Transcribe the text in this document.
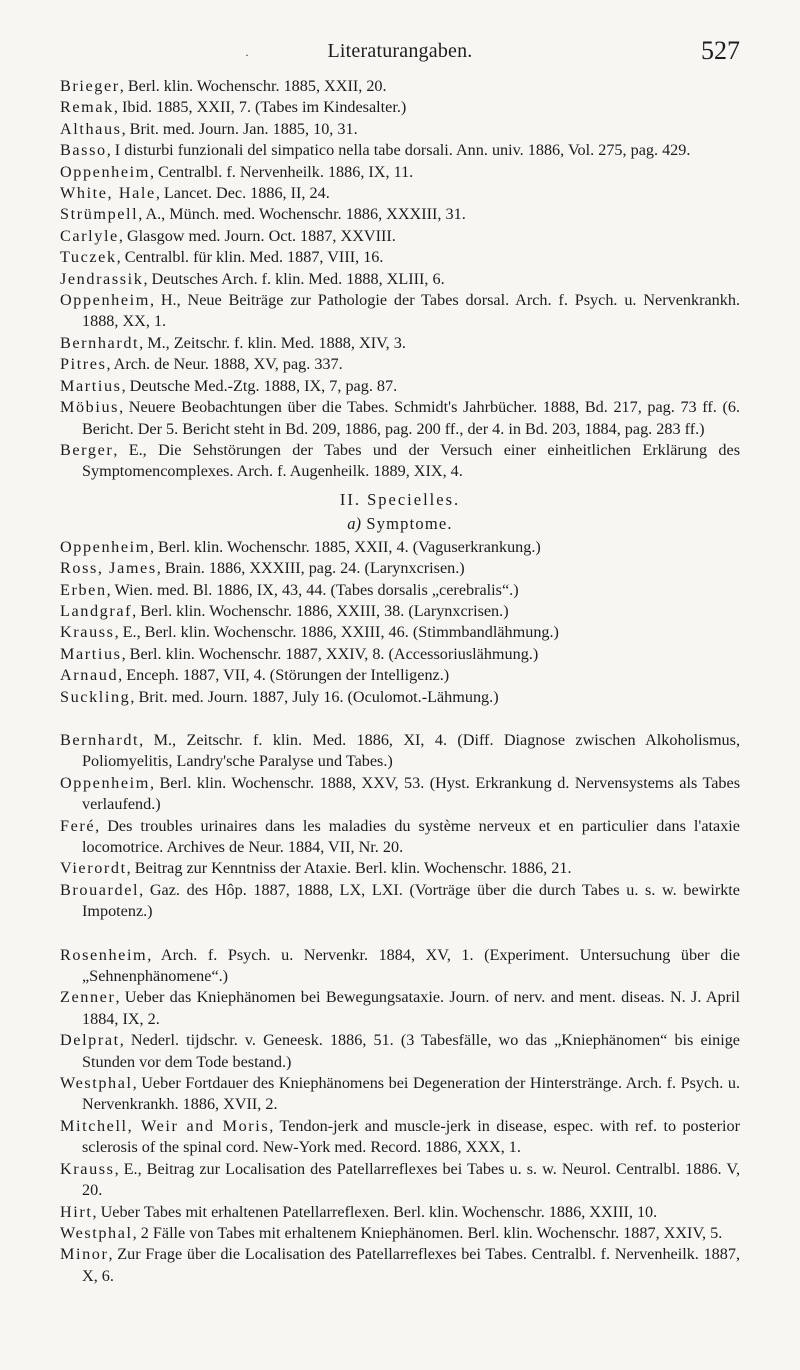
·	Literaturangaben.	527
Brieger, Berl. klin. Wochenschr. 1885, XXII, 20.
Remak, Ibid. 1885, XXII, 7. (Tabes im Kindesalter.)
Althaus, Brit. med. Journ. Jan. 1885, 10, 31.
Basso, I disturbi funzionali del simpatico nella tabe dorsali. Ann. univ. 1886, Vol. 275, pag. 429.
Oppenheim, Centralbl. f. Nervenheilk. 1886, IX, 11.
White, Hale, Lancet. Dec. 1886, II, 24.
Strümpell, A., Münch. med. Wochenschr. 1886, XXXIII, 31.
Carlyle, Glasgow med. Journ. Oct. 1887, XXVIII.
Tuczek, Centralbl. für klin. Med. 1887, VIII, 16.
Jendrassik, Deutsches Arch. f. klin. Med. 1888, XLIII, 6.
Oppenheim, H., Neue Beiträge zur Pathologie der Tabes dorsal. Arch. f. Psych. u. Nervenkrankh. 1888, XX, 1.
Bernhardt, M., Zeitschr. f. klin. Med. 1888, XIV, 3.
Pitres, Arch. de Neur. 1888, XV, pag. 337.
Martius, Deutsche Med.-Ztg. 1888, IX, 7, pag. 87.
Möbius, Neuere Beobachtungen über die Tabes. Schmidt's Jahrbücher. 1888, Bd. 217, pag. 73 ff. (6. Bericht. Der 5. Bericht steht in Bd. 209, 1886, pag. 200 ff., der 4. in Bd. 203, 1884, pag. 283 ff.)
Berger, E., Die Sehstörungen der Tabes und der Versuch einer einheitlichen Erklärung des Symptomencomplexes. Arch. f. Augenheilk. 1889, XIX, 4.
II. Specielles.
a) Symptome.
Oppenheim, Berl. klin. Wochenschr. 1885, XXII, 4. (Vaguserkrankung.)
Ross, James, Brain. 1886, XXXIII, pag. 24. (Larynxcrisen.)
Erben, Wien. med. Bl. 1886, IX, 43, 44. (Tabes dorsalis „cerebralis“.)
Landgraf, Berl. klin. Wochenschr. 1886, XXIII, 38. (Larynxcrisen.)
Krauss, E., Berl. klin. Wochenschr. 1886, XXIII, 46. (Stimmbandlähmung.)
Martius, Berl. klin. Wochenschr. 1887, XXIV, 8. (Accessoriuslähmung.)
Arnaud, Enceph. 1887, VII, 4. (Störungen der Intelligenz.)
Suckling, Brit. med. Journ. 1887, July 16. (Oculomot.-Lähmung.)
Bernhardt, M., Zeitschr. f. klin. Med. 1886, XI, 4. (Diff. Diagnose zwischen Alkoholismus, Poliomyelitis, Landry'sche Paralyse und Tabes.)
Oppenheim, Berl. klin. Wochenschr. 1888, XXV, 53. (Hyst. Erkrankung d. Nervensystems als Tabes verlaufend.)
Feré, Des troubles urinaires dans les maladies du système nerveux et en particulier dans l'ataxie locomotrice. Archives de Neur. 1884, VII, Nr. 20.
Vierordt, Beitrag zur Kenntniss der Ataxie. Berl. klin. Wochenschr. 1886, 21.
Brouardel, Gaz. des Hôp. 1887, 1888, LX, LXI. (Vorträge über die durch Tabes u. s. w. bewirkte Impotenz.)
Rosenheim, Arch. f. Psych. u. Nervenkr. 1884, XV, 1. (Experiment. Untersuchung über die „Sehnenphänomene“.)
Zenner, Ueber das Kniephänomen bei Bewegungsataxie. Journ. of nerv. and ment. diseas. N. J. April 1884, IX, 2.
Delprat, Nederl. tijdschr. v. Geneesk. 1886, 51. (3 Tabesfälle, wo das „Kniephänomen“ bis einige Stunden vor dem Tode bestand.)
Westphal, Ueber Fortdauer des Kniephänomens bei Degeneration der Hinterstränge. Arch. f. Psych. u. Nervenkrankh. 1886, XVII, 2.
Mitchell, Weir and Moris, Tendon-jerk and muscle-jerk in disease, espec. with ref. to posterior sclerosis of the spinal cord. New-York med. Record. 1886, XXX, 1.
Krauss, E., Beitrag zur Localisation des Patellarreflexes bei Tabes u. s. w. Neurol. Centralbl. 1886. V, 20.
Hirt, Ueber Tabes mit erhaltenen Patellarreflexen. Berl. klin. Wochenschr. 1886, XXIII, 10.
Westphal, 2 Fälle von Tabes mit erhaltenem Kniephänomen. Berl. klin. Wochenschr. 1887, XXIV, 5.
Minor, Zur Frage über die Localisation des Patellarreflexes bei Tabes. Centralbl. f. Nervenheilk. 1887, X, 6.
